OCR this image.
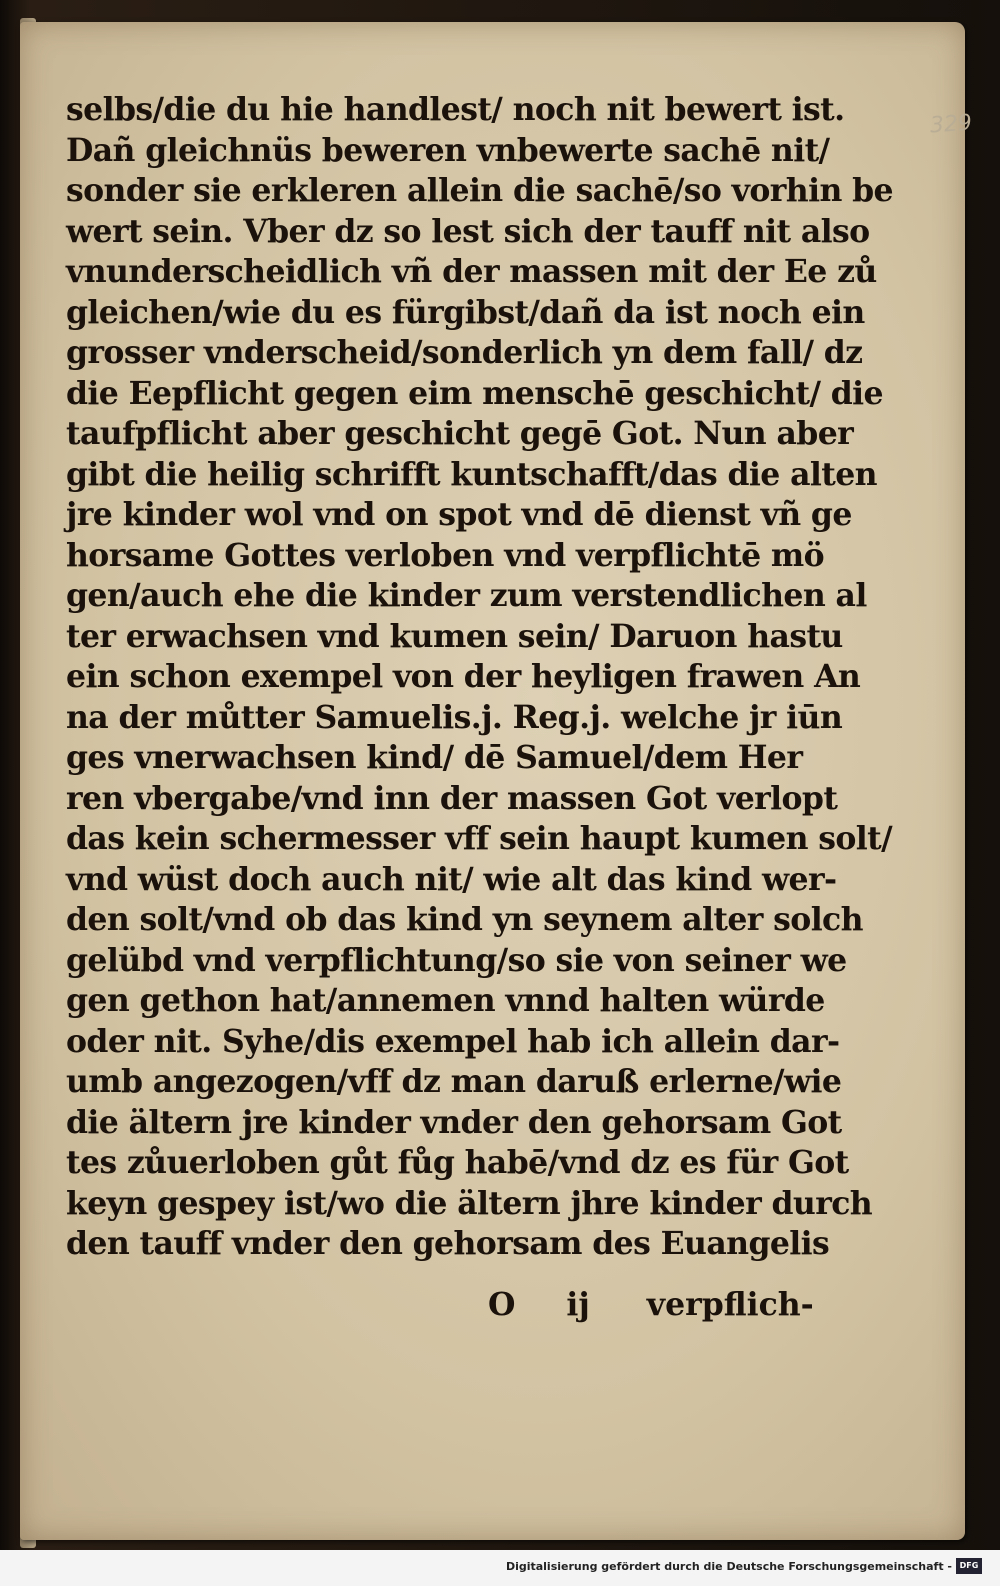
329
selbs/die du hie handlest/ noch nit bewert ist.
Dañ gleichnüs beweren vnbewerte sachē nit/
sonder sie erkleren allein die sachē/so vorhin be
wert sein. Vber dz so lest sich der tauff nit also
vnunderscheidlich vñ der massen mit der Ee zů
gleichen/wie du es fürgibst/dañ da ist noch ein
grosser vnderscheid/sonderlich yn dem fall/ dz
die Eepflicht gegen eim menschē geschicht/ die
taufpflicht aber geschicht gegē Got. Nun aber
gibt die heilig schrifft kuntschafft/das die alten
jre kinder wol vnd on spot vnd dē dienst vñ ge
horsame Gottes verloben vnd verpflichtē mö
gen/auch ehe die kinder zum verstendlichen al
ter erwachsen vnd kumen sein/ Daruon hastu
ein schon exempel von der heyligen frawen An
na der můtter Samuelis.j. Reg.j. welche jr iūn
ges vnerwachsen kind/ dē Samuel/dem Her
ren vbergabe/vnd inn der massen Got verlopt
das kein schermesser vff sein haupt kumen solt/
vnd wüst doch auch nit/ wie alt das kind wer-
den solt/vnd ob das kind yn seynem alter solch
gelübd vnd verpflichtung/so sie von seiner we
gen gethon hat/annemen vnnd halten würde
oder nit. Syhe/dis exempel hab ich allein dar-
umb angezogen/vff dz man daruß erlerne/wie
die ältern jre kinder vnder den gehorsam Got
tes zůuerloben gůt fůg habē/vnd dz es für Got
keyn gespey ist/wo die ältern jhre kinder durch
den tauff vnder den gehorsam des Euangelis
O ij verpflich-
Digitalisierung gefördert durch die Deutsche Forschungsgemeinschaft - DFG
